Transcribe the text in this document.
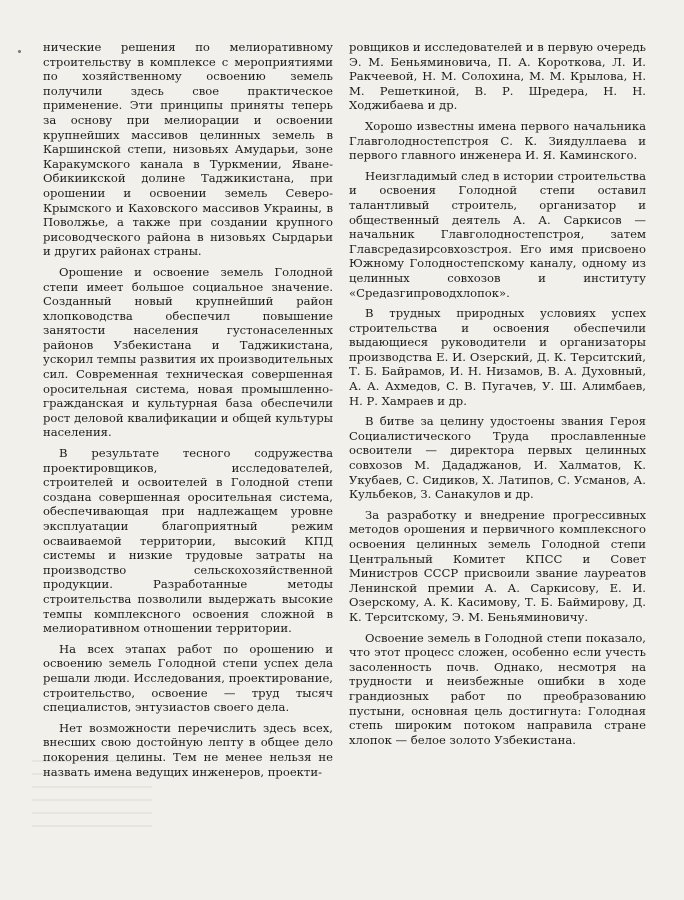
нические решения по мелиоративному строительству в комплексе с мероприятиями по хозяйственному освоению земель получили здесь свое практическое применение. Эти принципы приняты теперь за основу при мелиорации и освоении крупнейших массивов целинных земель в Каршинской степи, низовьях Амударьи, зоне Каракумского канала в Туркмении, Яване-Обикиикской долине Таджикистана, при орошении и освоении земель Северо-Крымского и Каховского массивов Украины, в Поволжье, а также при создании крупного рисоводческого района в низовьях Сырдарьи и других районах страны.

Орошение и освоение земель Голодной степи имеет большое социальное значение. Созданный новый крупнейший район хлопководства обеспечил повышение занятости населения густонаселенных районов Узбекистана и Таджикистана, ускорил темпы развития их производительных сил. Современная техническая совершенная оросительная система, новая промышленно-гражданская и культурная база обеспечили рост деловой квалификации и общей культуры населения.

В результате тесного содружества проектировщиков, исследователей, строителей и освоителей в Голодной степи создана совершенная оросительная система, обеспечивающая при надлежащем уровне эксплуатации благоприятный режим осваиваемой территории, высокий КПД системы и низкие трудовые затраты на производство сельскохозяйственной продукции. Разработанные методы строительства позволили выдержать высокие темпы комплексного освоения сложной в мелиоративном отношении территории.

На всех этапах работ по орошению и освоению земель Голодной степи успех дела решали люди. Исследования, проектирование, строительство, освоение — труд тысяч специалистов, энтузиастов своего дела.

Нет возможности перечислить здесь всех, внесших свою достойную лепту в общее дело покорения целины. Тем не менее нельзя не назвать имена ведущих инженеров, проекти-

ровщиков и исследователей и в первую очередь Э. М. Беньяминовича, П. А. Короткова, Л. И. Ракчеевой, Н. М. Солохина, М. М. Крылова, Н. М. Решеткиной, В. Р. Шредера, Н. Н. Ходжибаева и др.

Хорошо известны имена первого начальника Главголодностепстроя С. К. Зиядуллаева и первого главного инженера И. Я. Каминского.

Неизгладимый след в истории строительства и освоения Голодной степи оставил талантливый строитель, организатор и общественный деятель А. А. Саркисов — начальник Главголодностепстроя, затем Главсредазирсовхозстроя. Его имя присвоено Южному Голодностепскому каналу, одному из целинных совхозов и институту «Средазгипроводхлопок».

В трудных природных условиях успех строительства и освоения обеспечили выдающиеся руководители и организаторы производства Е. И. Озерский, Д. К. Терситский, Т. Б. Байрамов, И. Н. Низамов, В. А. Духовный, А. А. Ахмедов, С. В. Пугачев, У. Ш. Алимбаев, Н. Р. Хамраев и др.

В битве за целину удостоены звания Героя Социалистического Труда прославленные освоители — директора первых целинных совхозов М. Дададжанов, И. Халматов, К. Укубаев, С. Сидиков, Х. Латипов, С. Усманов, А. Кульбеков, З. Санакулов и др.

За разработку и внедрение прогрессивных методов орошения и первичного комплексного освоения целинных земель Голодной степи Центральный Комитет КПСС и Совет Министров СССР присвоили звание лауреатов Ленинской премии А. А. Саркисову, Е. И. Озерскому, А. К. Касимову, Т. Б. Баймирову, Д. К. Терситскому, Э. М. Беньяминовичу.

Освоение земель в Голодной степи показало, что этот процесс сложен, особенно если учесть засоленность почв. Однако, несмотря на трудности и неизбежные ошибки в ходе грандиозных работ по преобразованию пустыни, основная цель достигнута: Голодная степь широким потоком направила стране хлопок — белое золото Узбекистана.
